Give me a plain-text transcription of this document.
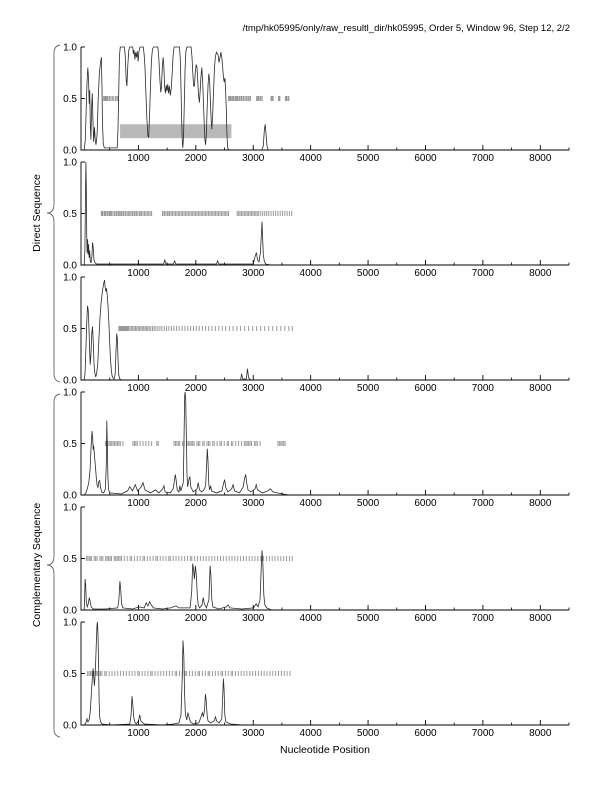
/tmp/hk05995/only/raw_resultl_dir/hk05995, Order 5, Window 96, Step 12, 2/2
0.0
0.5
1.0
1000	2000	3000	4000	5000	6000	7000	8000
0.0
0.5
1.0
1000	2000	3000	4000	5000	6000	7000	8000
0.0
0.5
1.0
1000	2000	3000	4000	5000	6000	7000	8000
0.0
0.5
1.0
1000	2000	3000	4000	5000	6000	7000	8000
0.0
0.5
1.0
1000	2000	3000	4000	5000	6000	7000	8000
0.0
0.5
1.0
1000	2000	3000	4000	5000	6000	7000	8000
Direct Sequence
Complementary Sequence
Nucleotide Position
